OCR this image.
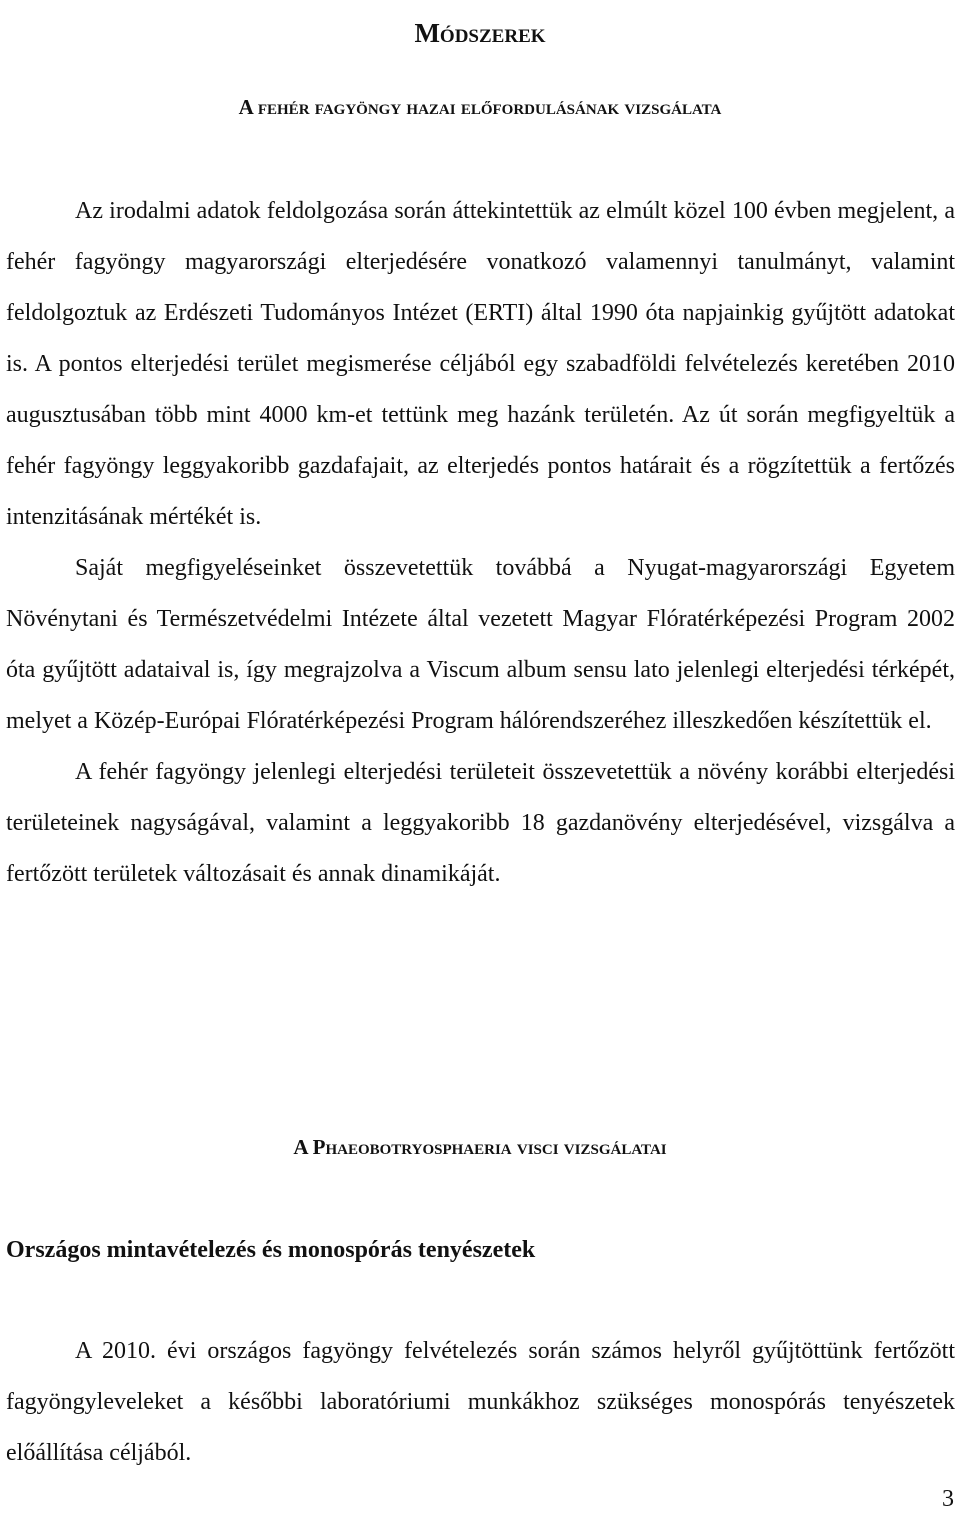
Módszerek
A fehér fagyöngy hazai előfordulásának vizsgálata

Az irodalmi adatok feldolgozása során áttekintettük az elmúlt közel 100 évben megjelent, a fehér fagyöngy magyarországi elterjedésére vonatkozó valamennyi tanulmányt, valamint feldolgoztuk az Erdészeti Tudományos Intézet (ERTI) által 1990 óta napjainkig gyűjtött adatokat is. A pontos elterjedési terület megismerése céljából egy szabadföldi felvételezés keretében 2010 augusztusában több mint 4000 km-et tettünk meg hazánk területén. Az út során megfigyeltük a fehér fagyöngy leggyakoribb gazdafajait, az elterjedés pontos határait és a rögzítettük a fertőzés intenzitásának mértékét is.

Saját megfigyeléseinket összevetettük továbbá a Nyugat-magyarországi Egyetem Növénytani és Természetvédelmi Intézete által vezetett Magyar Flóratérképezési Program 2002 óta gyűjtött adataival is, így megrajzolva a Viscum album sensu lato jelenlegi elterjedési térképét, melyet a Közép-Európai Flóratérképezési Program hálórendszeréhez illeszkedően készítettük el.

A fehér fagyöngy jelenlegi elterjedési területeit összevetettük a növény korábbi elterjedési területeinek nagyságával, valamint a leggyakoribb 18 gazdanövény elterjedésével, vizsgálva a fertőzött területek változásait és annak dinamikáját.

A Phaeobotryosphaeria visci vizsgálatai
Országos mintavételezés és monospórás tenyészetek

A 2010. évi országos fagyöngy felvételezés során számos helyről gyűjtöttünk fertőzött fagyöngyleveleket a későbbi laboratóriumi munkákhoz szükséges monospórás tenyészetek előállítása céljából.

3
